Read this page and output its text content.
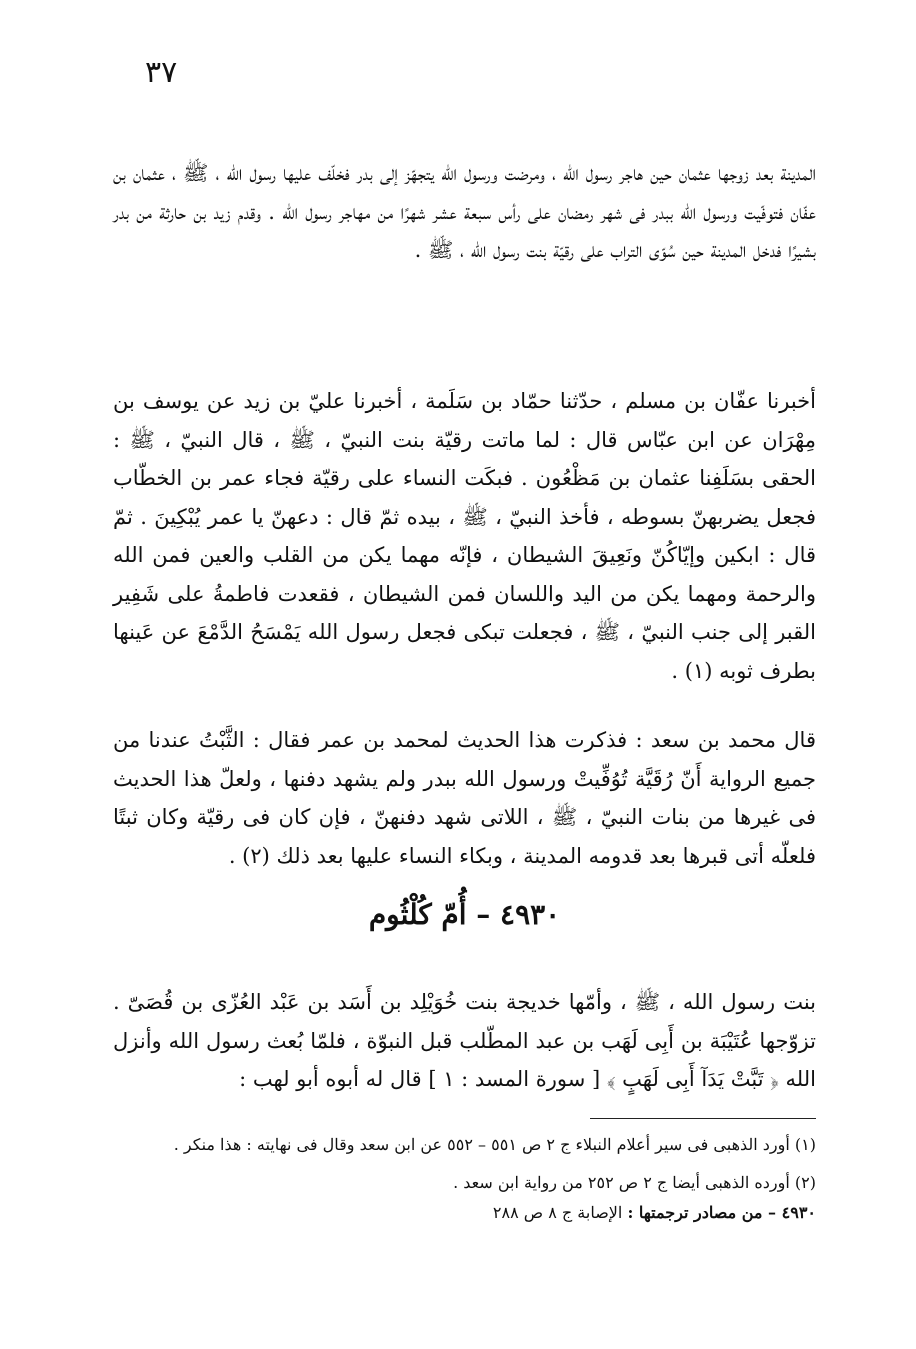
٣٧

المدينة بعد زوجها عثمان حين هاجر رسول الله ، ومرضت ورسول الله يتجهّز إلى بدر فخلّف عليها رسول الله ، ﷺ ، عثمان بن عفّان فتوفّيت ورسول الله ببدر فى شهر رمضان على رأس سبعة عشر شهرًا من مهاجر رسول الله . وقدم زيد بن حارثة من بدر بشيرًا فدخل المدينة حين سُوّى التراب على رقيّة بنت رسول الله ، ﷺ .

أخبرنا عفّان بن مسلم ، حدّثنا حمّاد بن سَلَمة ، أخبرنا عليّ بن زيد عن يوسف بن مِهْرَان عن ابن عبّاس قال : لما ماتت رقيّة بنت النبيّ ، ﷺ ، قال النبيّ ، ﷺ : الحقى بسَلَفِنا عثمان بن مَظْعُون . فبكَت النساء على رقيّة فجاء عمر بن الخطّاب فجعل يضربهنّ بسوطه ، فأخذ النبيّ ، ﷺ ، بيده ثمّ قال : دعهنّ يا عمر يُبْكِينَ . ثمّ قال : ابكين وإيّاكُنّ ونَعِيقَ الشيطان ، فإنّه مهما يكن من القلب والعين فمن الله والرحمة ومهما يكن من اليد واللسان فمن الشيطان ، فقعدت فاطمةُ على شَفِير القبر إلى جنب النبيّ ، ﷺ ، فجعلت تبكى فجعل رسول الله يَمْسَحُ الدَّمْعَ عن عَينها بطرف ثوبه (١) .

قال محمد بن سعد : فذكرت هذا الحديث لمحمد بن عمر فقال : الثَّبْتُ عندنا من جميع الرواية أَنّ رُقَيَّة تُوُفِّيتْ ورسول الله ببدر ولم يشهد دفنها ، ولعلّ هذا الحديث فى غيرها من بنات النبيّ ، ﷺ ، اللاتى شهد دفنهنّ ، فإن كان فى رقيّة وكان ثبتًا فلعلّه أتى قبرها بعد قدومه المدينة ، وبكاء النساء عليها بعد ذلك (٢) .

٤٩٣٠ – أُمّ كُلْثُوم

بنت رسول الله ، ﷺ ، وأمّها خديجة بنت خُوَيْلِد بن أَسَد بن عَبْد العُزّى بن قُصَىّ . تزوّجها عُتَيْبَة بن أَبِى لَهَب بن عبد المطّلب قبل النبوّة ، فلمّا بُعث رسول الله وأنزل الله ﴿ تَبَّتْ يَدَآ أَبِى لَهَبٍ ﴾ [ سورة المسد : ١ ] قال له أبوه أبو لهب :

(١) أورد الذهبى فى سير أعلام النبلاء ج ٢ ص ٥٥١ – ٥٥٢ عن ابن سعد وقال فى نهايته : هذا منكر .

(٢) أورده الذهبى أيضا ج ٢ ص ٢٥٢ من رواية ابن سعد .

٤٩٣٠ – من مصادر ترجمتها : الإصابة ج ٨ ص ٢٨٨
